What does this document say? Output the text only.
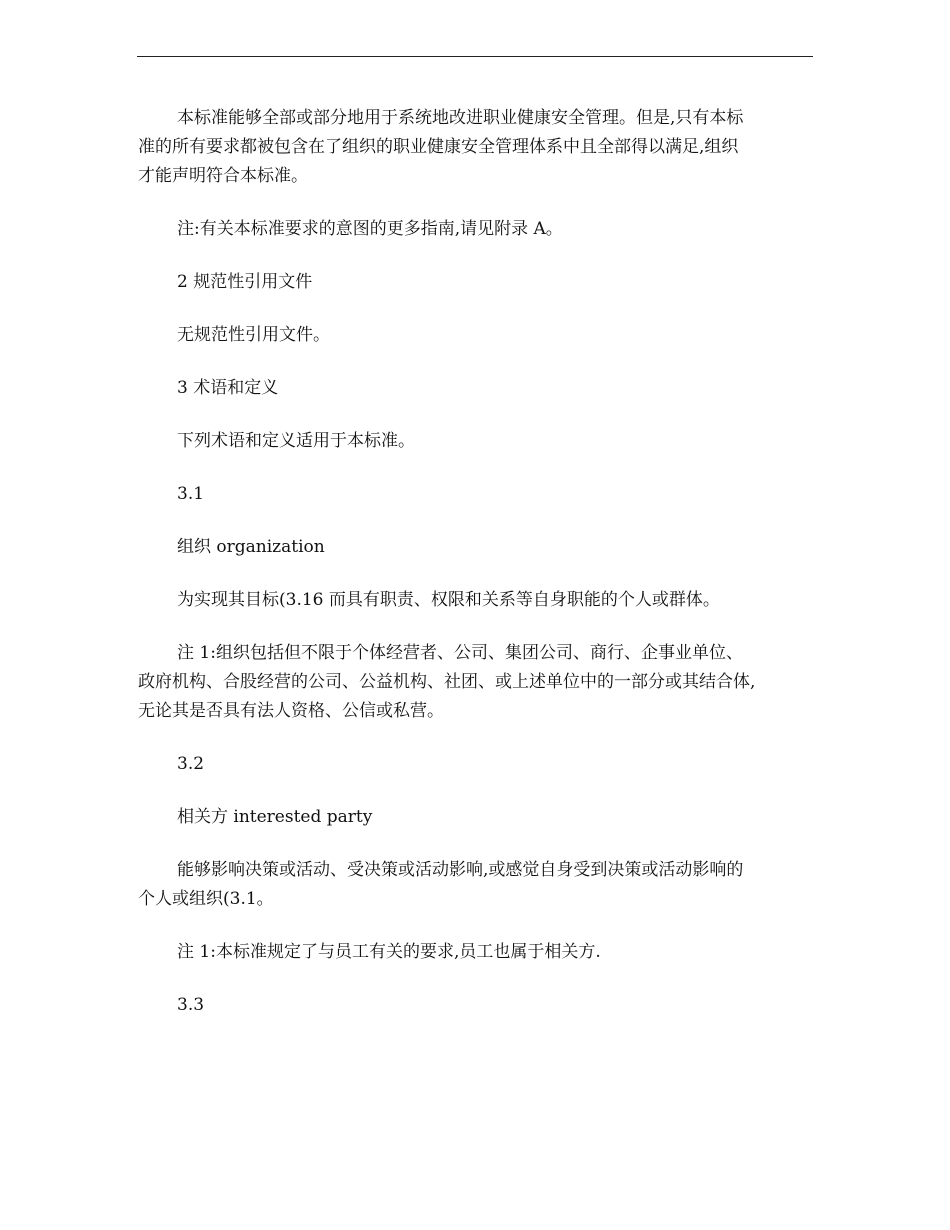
本标准能够全部或部分地用于系统地改进职业健康安全管理。但是,只有本标
准的所有要求都被包含在了组织的职业健康安全管理体系中且全部得以满足,组织
才能声明符合本标准。

注:有关本标准要求的意图的更多指南,请见附录 A。

2 规范性引用文件

无规范性引用文件。

3 术语和定义

下列术语和定义适用于本标准。

3.1

组织 organization

为实现其目标(3.16 而具有职责、权限和关系等自身职能的个人或群体。

注 1:组织包括但不限于个体经营者、公司、集团公司、商行、企事业单位、
政府机构、合股经营的公司、公益机构、社团、或上述单位中的一部分或其结合体,
无论其是否具有法人资格、公信或私营。

3.2

相关方 interested party

能够影响决策或活动、受决策或活动影响,或感觉自身受到决策或活动影响的
个人或组织(3.1。

注 1:本标准规定了与员工有关的要求,员工也属于相关方.

3.3
